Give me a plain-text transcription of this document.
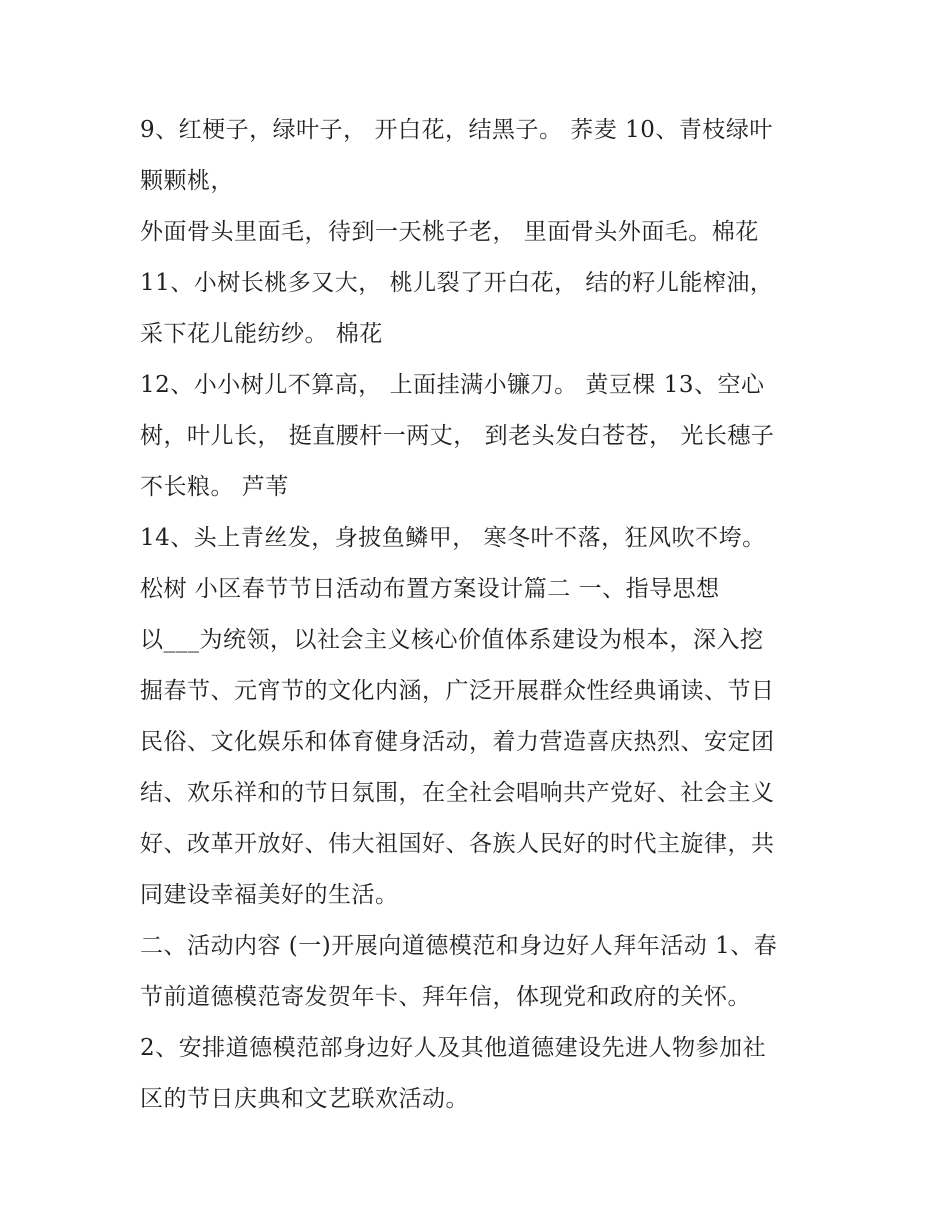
9、红梗子，绿叶子， 开白花，结黑子。 荞麦 10、青枝绿叶

颗颗桃，

外面骨头里面毛，待到一天桃子老， 里面骨头外面毛。棉花

11、小树长桃多又大， 桃儿裂了开白花， 结的籽儿能榨油，

采下花儿能纺纱。 棉花

12、小小树儿不算高， 上面挂满小镰刀。 黄豆棵 13、空心

树，叶儿长， 挺直腰杆一两丈， 到老头发白苍苍， 光长穗子

不长粮。 芦苇

14、头上青丝发，身披鱼鳞甲， 寒冬叶不落，狂风吹不垮。

松树 小区春节节日活动布置方案设计篇二 一、指导思想

以___为统领，以社会主义核心价值体系建设为根本，深入挖

掘春节、元宵节的文化内涵，广泛开展群众性经典诵读、节日

民俗、文化娱乐和体育健身活动，着力营造喜庆热烈、安定团

结、欢乐祥和的节日氛围，在全社会唱响共产党好、社会主义

好、改革开放好、伟大祖国好、各族人民好的时代主旋律，共

同建设幸福美好的生活。

二、活动内容 (一)开展向道德模范和身边好人拜年活动 1、春

节前道德模范寄发贺年卡、拜年信，体现党和政府的关怀。

2、安排道德模范部身边好人及其他道德建设先进人物参加社

区的节日庆典和文艺联欢活动。
